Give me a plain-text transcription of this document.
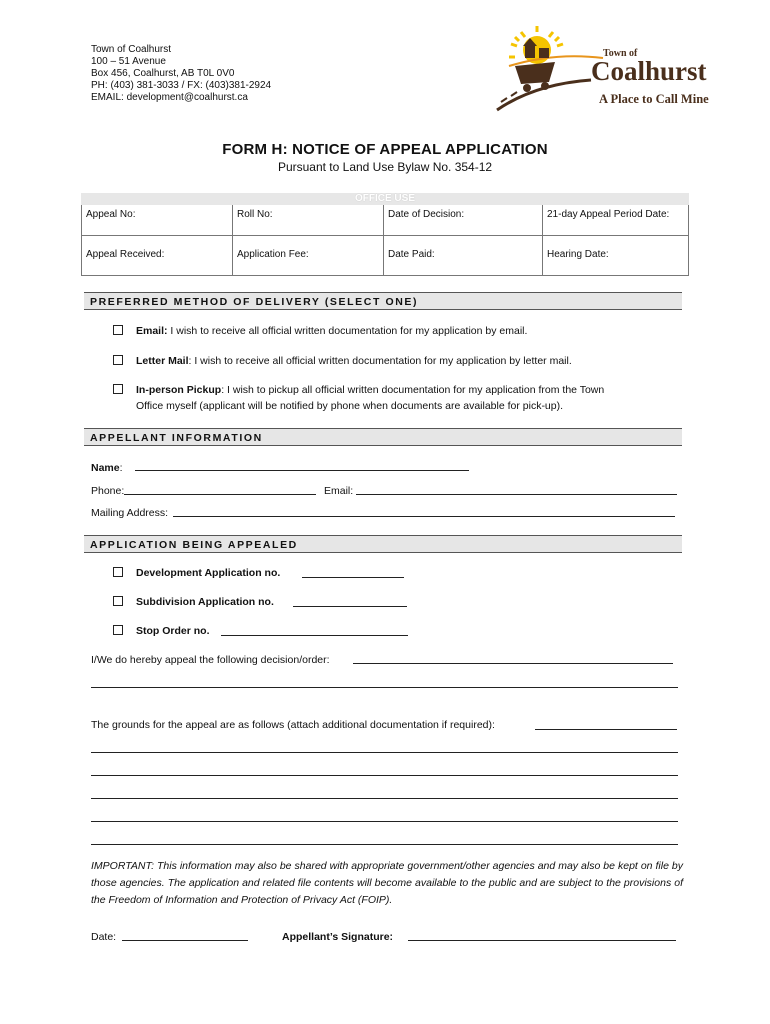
Town of Coalhurst
100 – 51 Avenue
Box 456, Coalhurst, AB T0L 0V0
PH: (403) 381-3033 / FX: (403)381-2924
EMAIL: development@coalhurst.ca
Town of
Coalhurst
A Place to Call Mine
FORM H: NOTICE OF APPEAL APPLICATION
Pursuant to Land Use Bylaw No. 354-12
Appeal No:	Roll No:	Date of Decision:	21-day Appeal Period Date:
Appeal Received:	Application Fee:	Date Paid:	Hearing Date:
OFFICE USE
PREFERRED METHOD OF DELIVERY (SELECT ONE)
Email: I wish to receive all official written documentation for my application by email.
Letter Mail: I wish to receive all official written documentation for my application by letter mail.
In-person Pickup: I wish to pickup all official written documentation for my application from the Town
Office myself (applicant will be notified by phone when documents are available for pick-up).
APPELLANT INFORMATION
Name:
Phone:	Email:
Mailing Address:
APPLICATION BEING APPEALED
Development Application no.
Subdivision Application no.
Stop Order no.
I/We do hereby appeal the following decision/order:
The grounds for the appeal are as follows (attach additional documentation if required):
IMPORTANT: This information may also be shared with appropriate government/other agencies and may also be kept on file by those agencies. The application and related file contents will become available to the public and are subject to the provisions of the Freedom of Information and Protection of Privacy Act (FOIP).
Date:	Appellant’s Signature:
